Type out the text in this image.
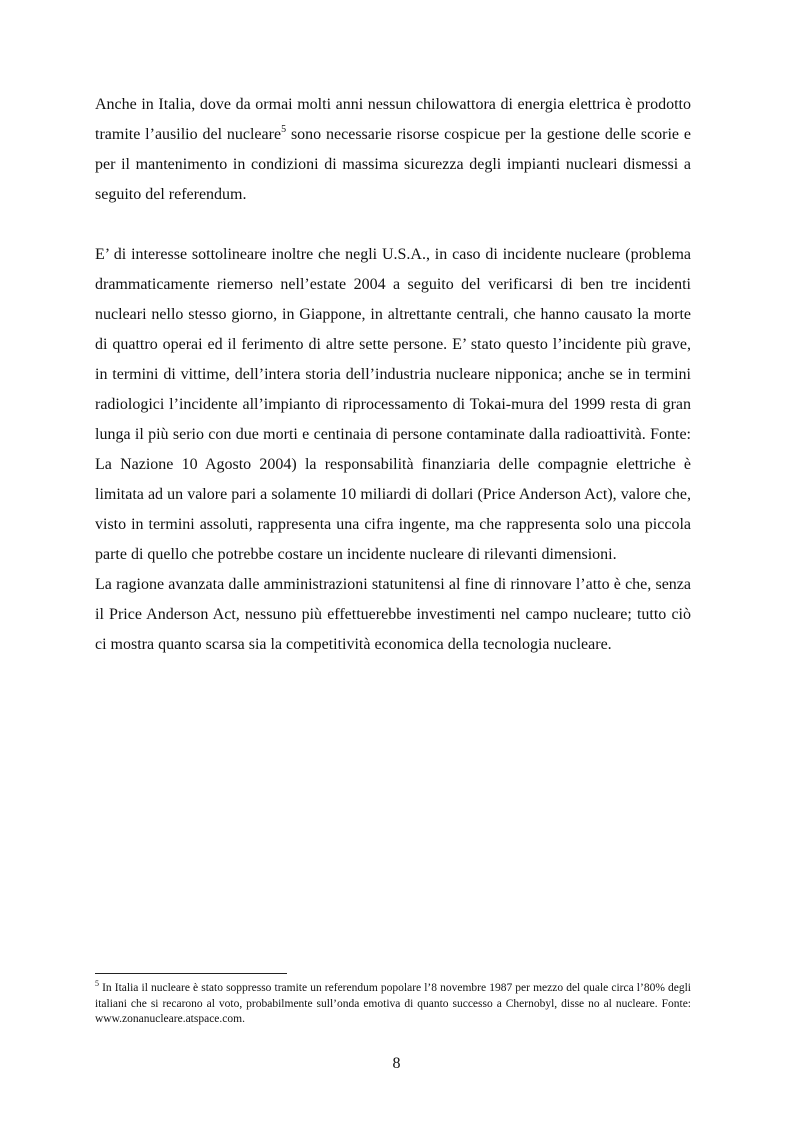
Anche in Italia, dove da ormai molti anni nessun chilowattora di energia elettrica è prodotto tramite l’ausilio del nucleare$^5$ sono necessarie risorse cospicue per la gestione delle scorie e per il mantenimento in condizioni di massima sicurezza degli impianti nucleari dismessi a seguito del referendum.

E’ di interesse sottolineare inoltre che negli U.S.A., in caso di incidente nucleare (problema drammaticamente riemerso nell’estate 2004 a seguito del verificarsi di ben tre incidenti nucleari nello stesso giorno, in Giappone, in altrettante centrali, che hanno causato la morte di quattro operai ed il ferimento di altre sette persone. E’ stato questo l’incidente più grave, in termini di vittime, dell’intera storia dell’industria nucleare nipponica; anche se in termini radiologici l’incidente all’impianto di riprocessamento di Tokai-mura del 1999 resta di gran lunga il più serio con due morti e centinaia di persone contaminate dalla radioattività. Fonte: La Nazione 10 Agosto 2004) la responsabilità finanziaria delle compagnie elettriche è limitata ad un valore pari a solamente 10 miliardi di dollari (Price Anderson Act), valore che, visto in termini assoluti, rappresenta una cifra ingente, ma che rappresenta solo una piccola parte di quello che potrebbe costare un incidente nucleare di rilevanti dimensioni.

La ragione avanzata dalle amministrazioni statunitensi al fine di rinnovare l’atto è che, senza il Price Anderson Act, nessuno più effettuerebbe investimenti nel campo nucleare; tutto ciò ci mostra quanto scarsa sia la competitività economica della tecnologia nucleare.

$^5$ In Italia il nucleare è stato soppresso tramite un referendum popolare l’8 novembre 1987 per mezzo del quale circa l’80% degli italiani che si recarono al voto, probabilmente sull’onda emotiva di quanto successo a Chernobyl, disse no al nucleare. Fonte: www.zonanucleare.atspace.com.

8
